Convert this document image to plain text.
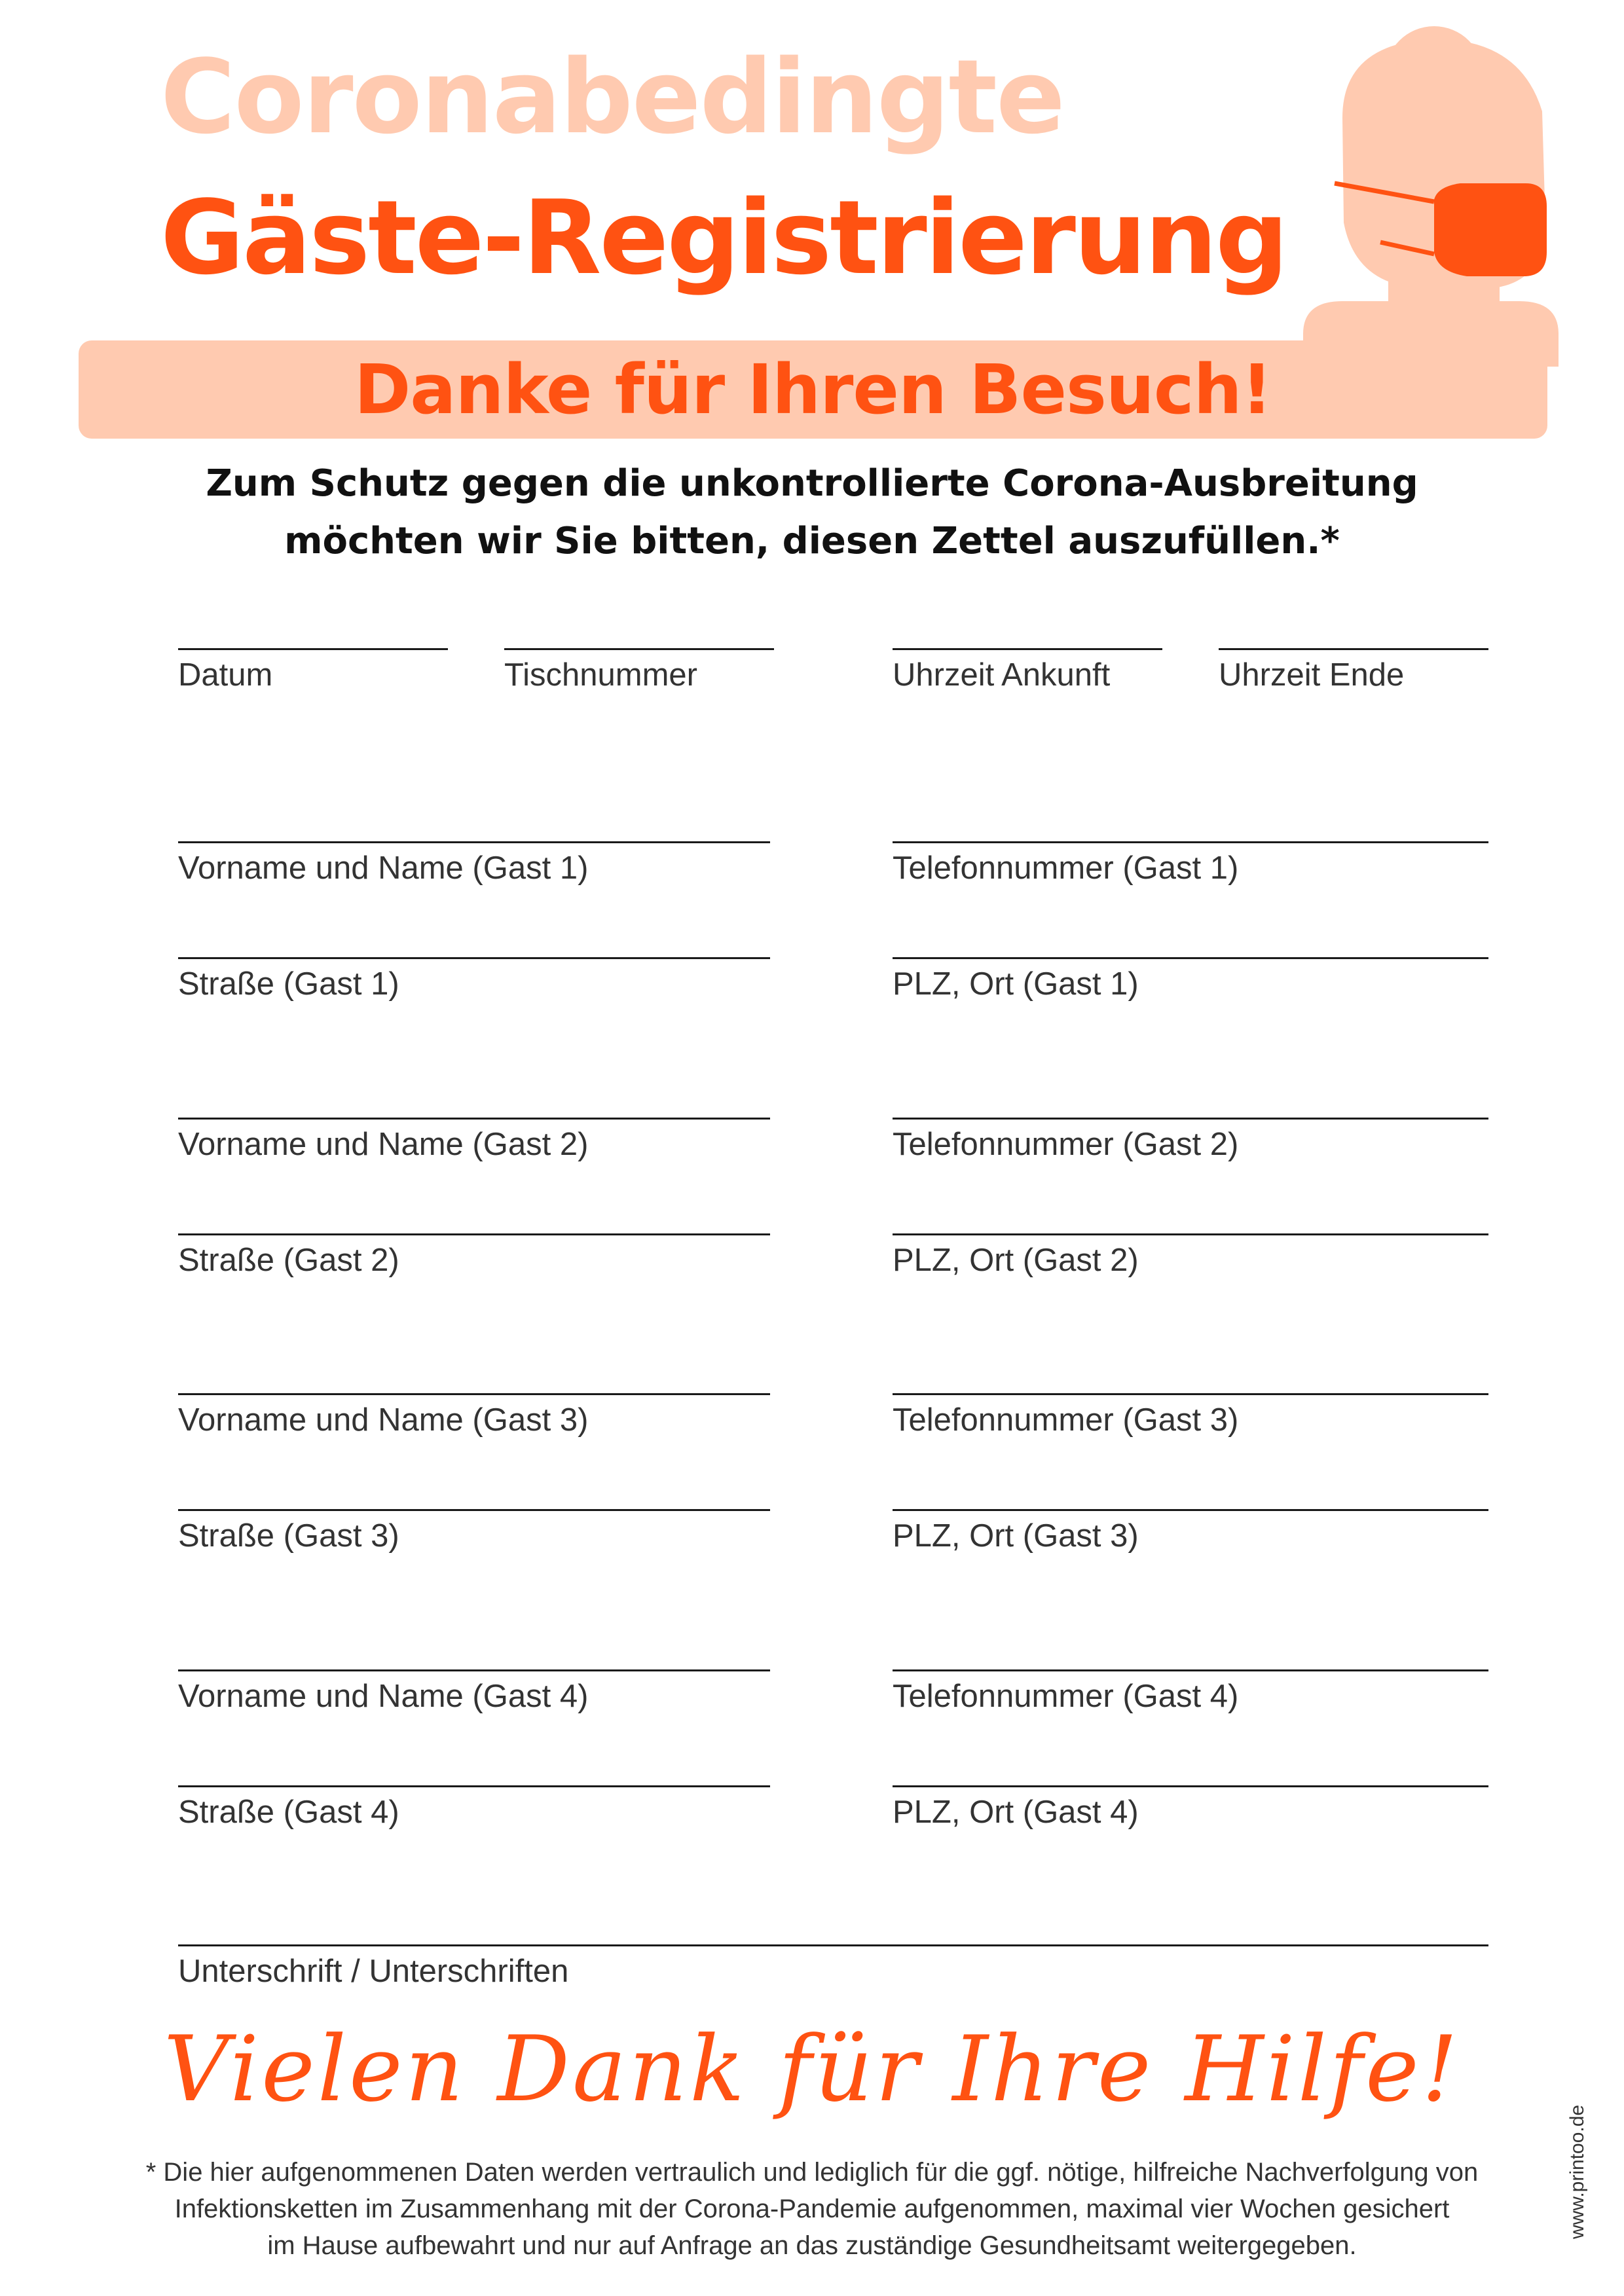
Coronabedingte
Gäste-Registrierung
Danke für Ihren Besuch!
Zum Schutz gegen die unkontrollierte Corona-Ausbreitung
möchten wir Sie bitten, diesen Zettel auszufüllen.*
Datum	Tischnummer	Uhrzeit Ankunft	Uhrzeit Ende
Vorname und Name (Gast 1)	Telefonnummer (Gast 1)
Straße (Gast 1)	PLZ, Ort (Gast 1)
Vorname und Name (Gast 2)	Telefonnummer (Gast 2)
Straße (Gast 2)	PLZ, Ort (Gast 2)
Vorname und Name (Gast 3)	Telefonnummer (Gast 3)
Straße (Gast 3)	PLZ, Ort (Gast 3)
Vorname und Name (Gast 4)	Telefonnummer (Gast 4)
Straße (Gast 4)	PLZ, Ort (Gast 4)
Unterschrift / Unterschriften
Vielen Dank für Ihre Hilfe!
* Die hier aufgenommenen Daten werden vertraulich und lediglich für die ggf. nötige, hilfreiche Nachverfolgung von
Infektionsketten im Zusammenhang mit der Corona-Pandemie aufgenommen, maximal vier Wochen gesichert
im Hause aufbewahrt und nur auf Anfrage an das zuständige Gesundheitsamt weitergegeben.
www.printoo.de
